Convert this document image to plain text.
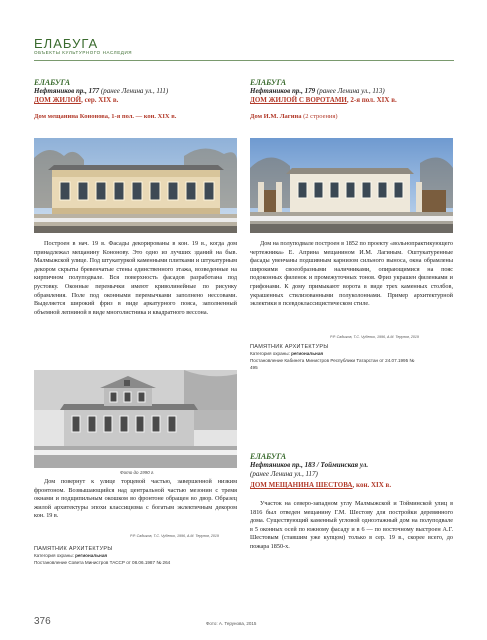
ЕЛАБУГА
ОБЪЕКТЫ КУЛЬТУРНОГО НАСЛЕДИЯ
ЕЛАБУГА
Нефтяников пр., 177 (ранее Ленина ул., 111)
ДОМ ЖИЛОЙ, сер. XIX в.
Дом мещанина Кононова, 1-я пол. — кон. XIX в.
ЕЛАБУГА
Нефтяников пр., 179 (ранее Ленина ул., 113)
ДОМ ЖИЛОЙ С ВОРОТАМИ, 2-я пол. XIX в.
Дом И.М. Лагина (2 строения)
Построен в нач. 19 в. Фасады декорированы в кон. 19 в., когда дом принадлежал мещанину Кононову. Это одно из лучших зданий на быв. Малмыжской улице. Под штукатуркой каменными плитками и штукатурным декором скрыты бревенчатые стены единственного этажа, возведенные на кирпичном полуподвале. Вся поверхность фасадов разработана под рустовку. Оконные перемычки имеют криволинейные по рисунку обрамления. Поле под оконными перемычками заполнено нессовами. Выделяется широкий фриз в виде аркатурного пояса, заполненный объемной лепниной в виде многолистника и квадратного вессона.
Дом на полуподвале построен в 1852 по проекту «вольнопрактикующего чертежника» Е. Априна мещанином И.М. Лагиным. Оштукатуренные фасады увенчаны подшивным карнизом сильного выноса, окна обрамлены широкими своеобразными наличниками, опирающимися на пояс подоконных филенок и промежуточных тонов. Фриз украшен филенками и грифонами. К дому примыкают ворота в виде трех каменных столбов, украшенных стилизованными полуколоннами. Пример архитектурной эклектики в псевдоклассицистическом стиле.
Р.Р. Садыков, Т.С. Чубенко, 1996, А.М. Терунов, 2019
ПАМЯТНИК АРХИТЕКТУРЫ
Категория охраны: региональная
Постановление Кабинета Министров Республики Татарстан от 24.07.1995 № 495
Фото до 1990 г.
Дом повернут к улице торцевой частью, завершенной низким фронтоном. Возвышающийся над центральной частью мезонин с тремя окнами и подщипильным окошком во фронтоне обращен во двор. Образец жилой архитектуры эпохи классицизма с богатым эклектичным декором кон. 19 в.
Р.Р. Садыков, Т.С. Чубенко, 1996, А.М. Терунов, 2019
ПАМЯТНИК АРХИТЕКТУРЫ
Категория охраны: региональная
Постановление Совета Министров ТАССР от 08.06.1987 № 264
ЕЛАБУГА
Нефтяников пр., 183 / Тойминская ул.
(ранее Ленина ул., 117)
ДОМ МЕЩАНИНА ШЕСТОВА, кон. XIX в.
Участок на северо-западном углу Малмыжской и Тойминской улиц в 1816 был отведен мещанину Г.М. Шестову для постройки деревянного дома. Существующий каменный угловой одноэтажный дом на полуподвале в 5 оконных осей по южному фасаду и в 6 — по восточному выстроен А.Г. Шестовым (ставшим уже купцом) только в сер. 19 в., скорее всего, до пожара 1850-х.
376	Фото: А. Терунова, 2015
